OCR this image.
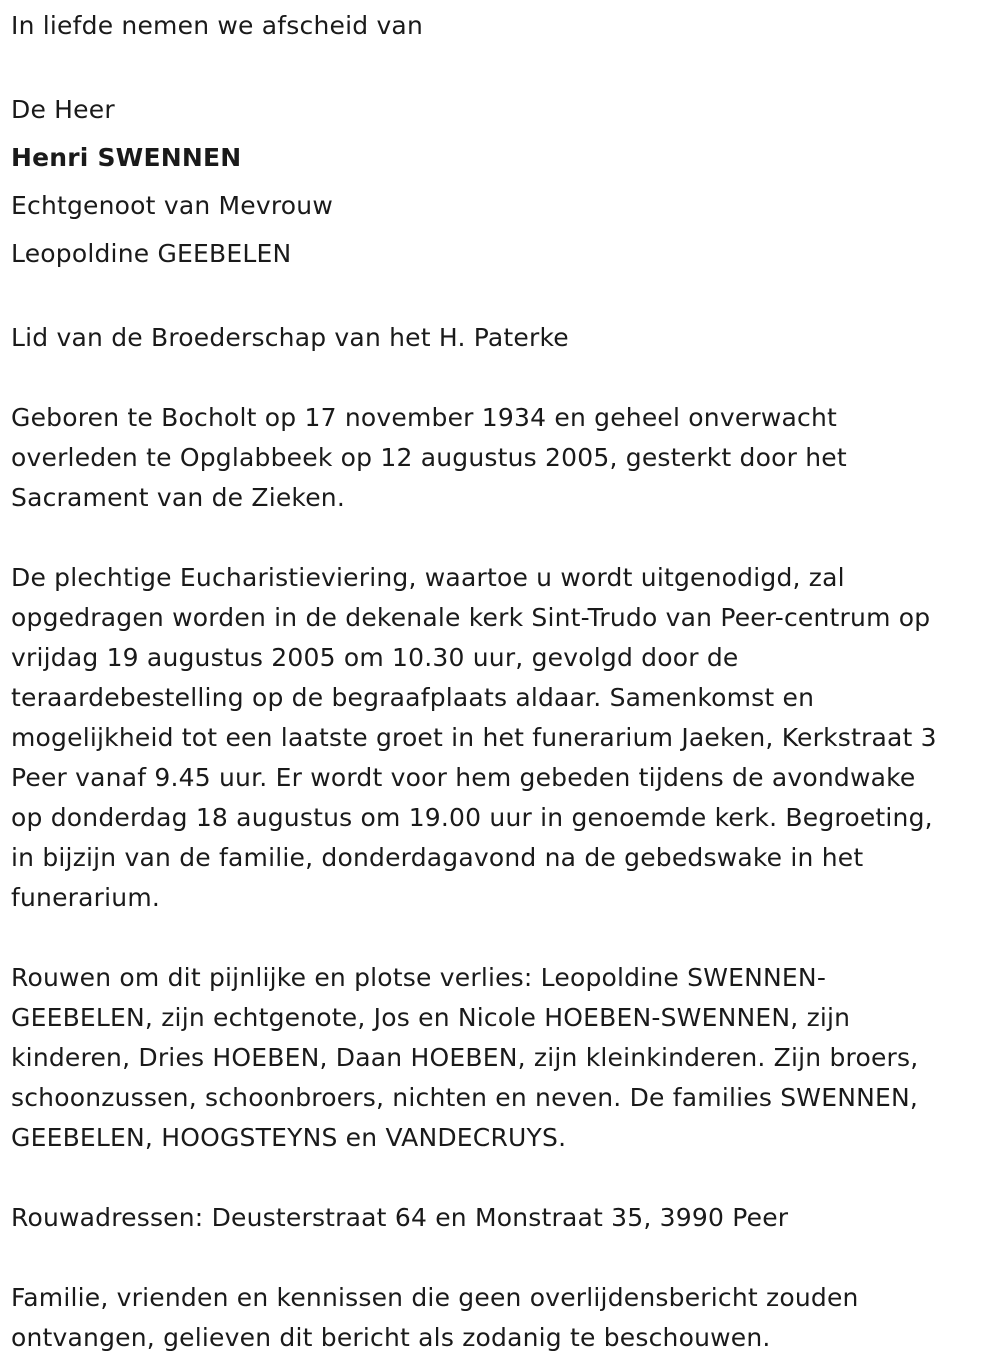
In liefde nemen we afscheid van

De Heer

Henri SWENNEN

Echtgenoot van Mevrouw

Leopoldine GEEBELEN

Lid van de Broederschap van het H. Paterke

Geboren te Bocholt op 17 november 1934 en geheel onverwacht

overleden te Opglabbeek op 12 augustus 2005, gesterkt door het

Sacrament van de Zieken.

De plechtige Eucharistieviering, waartoe u wordt uitgenodigd, zal

opgedragen worden in de dekenale kerk Sint-Trudo van Peer-centrum op

vrijdag 19 augustus 2005 om 10.30 uur, gevolgd door de

teraardebestelling op de begraafplaats aldaar. Samenkomst en

mogelijkheid tot een laatste groet in het funerarium Jaeken, Kerkstraat 3

Peer vanaf 9.45 uur. Er wordt voor hem gebeden tijdens de avondwake

op donderdag 18 augustus om 19.00 uur in genoemde kerk. Begroeting,

in bijzijn van de familie, donderdagavond na de gebedswake in het

funerarium.

Rouwen om dit pijnlijke en plotse verlies: Leopoldine SWENNEN-

GEEBELEN, zijn echtgenote, Jos en Nicole HOEBEN-SWENNEN, zijn

kinderen, Dries HOEBEN, Daan HOEBEN, zijn kleinkinderen. Zijn broers,

schoonzussen, schoonbroers, nichten en neven. De families SWENNEN,

GEEBELEN, HOOGSTEYNS en VANDECRUYS.

Rouwadressen: Deusterstraat 64 en Monstraat 35, 3990 Peer

Familie, vrienden en kennissen die geen overlijdensbericht zouden

ontvangen, gelieven dit bericht als zodanig te beschouwen.
